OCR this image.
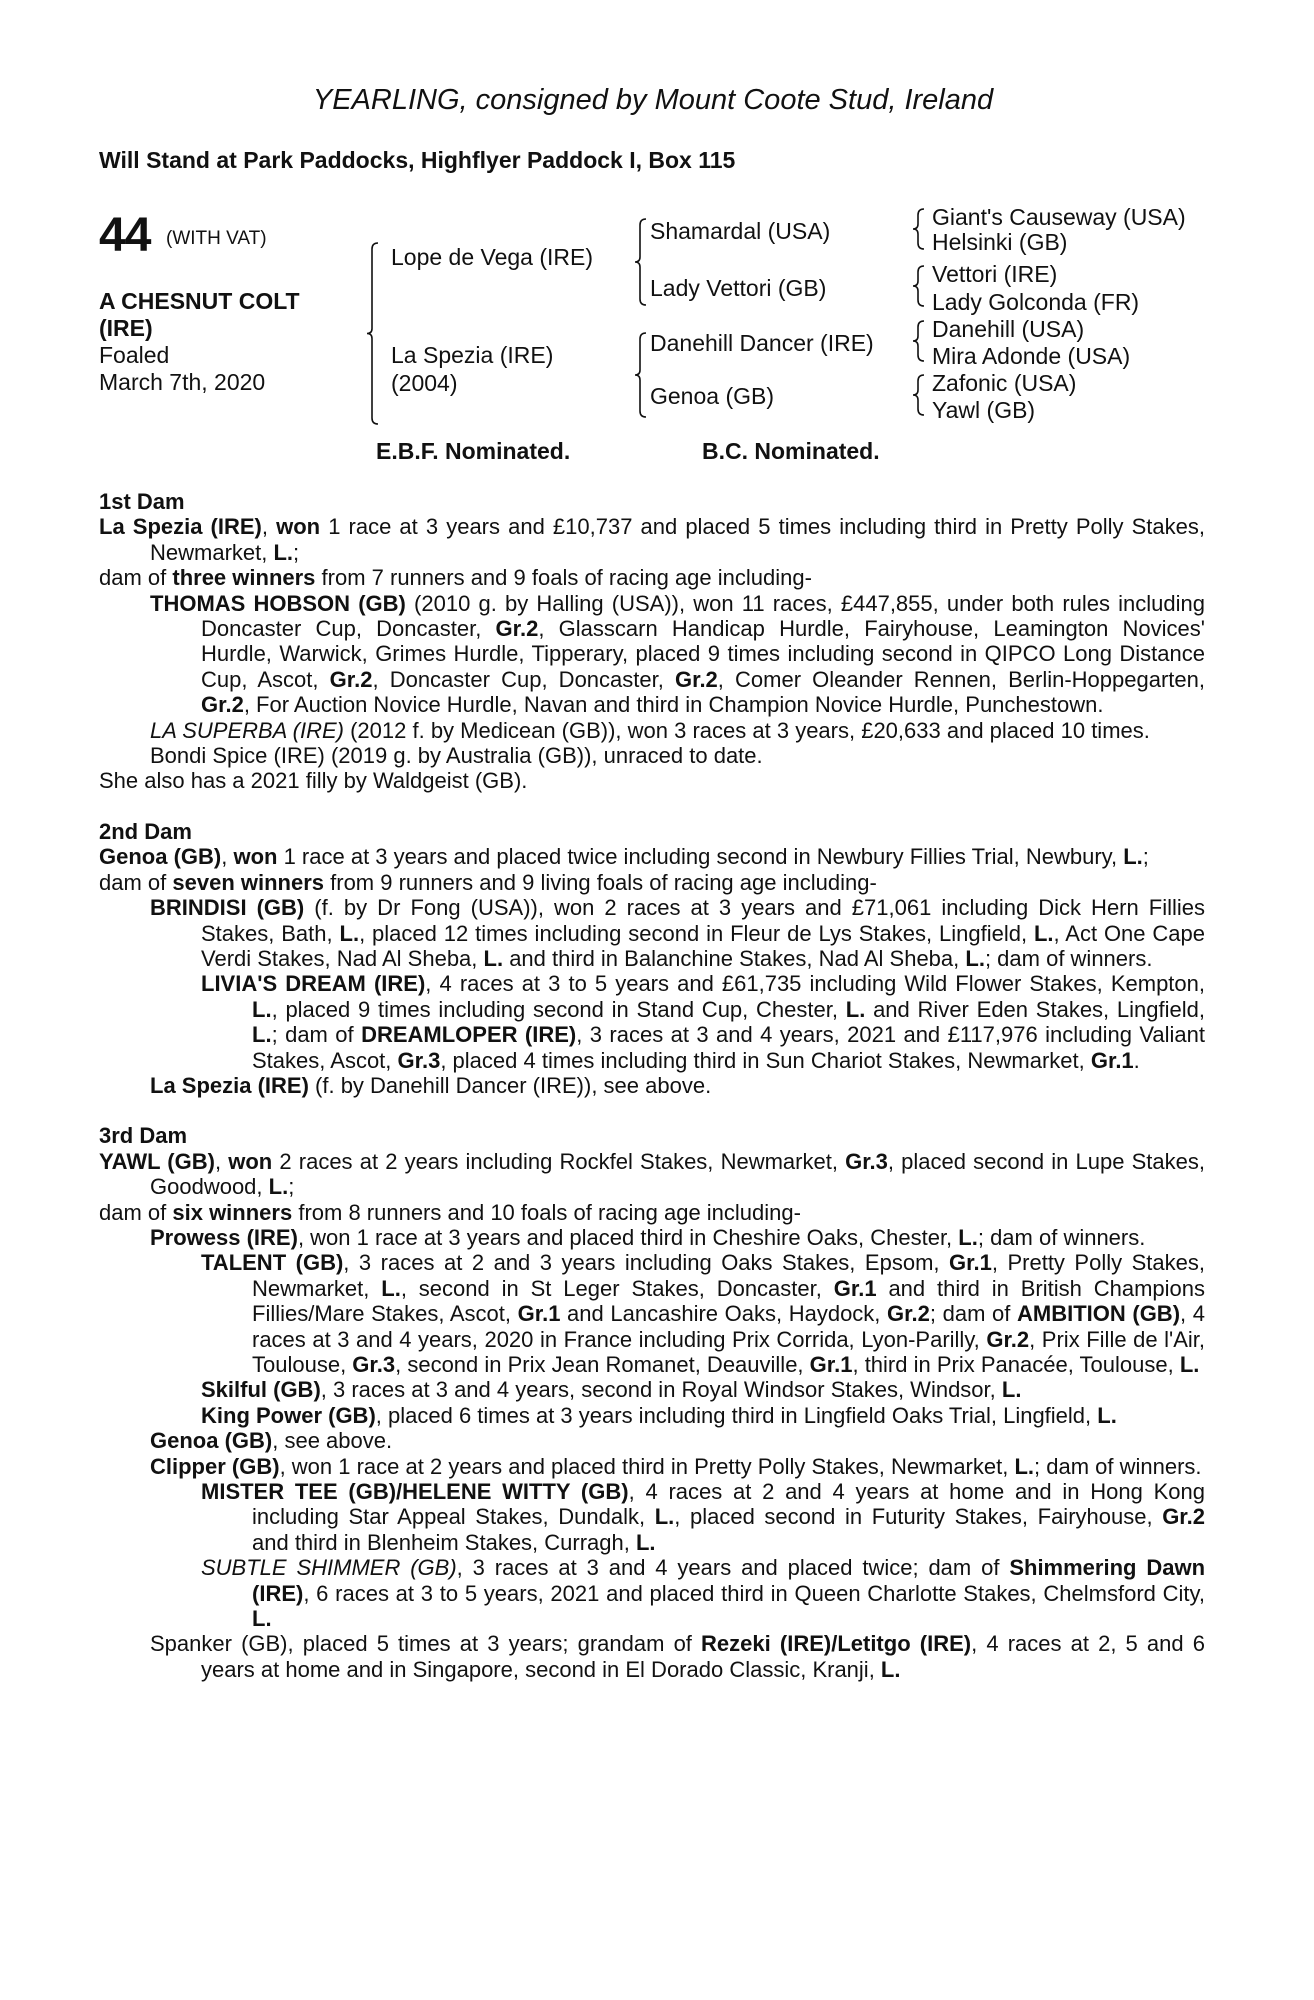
YEARLING, consigned by Mount Coote Stud, Ireland
Will Stand at Park Paddocks, Highflyer Paddock I, Box 115
44 (WITH VAT)
A CHESNUT COLT
(IRE)
Foaled
March 7th, 2020
Lope de Vega (IRE)
La Spezia (IRE)
(2004)
Shamardal (USA)
Lady Vettori (GB)
Danehill Dancer (IRE)
Genoa (GB)
Giant's Causeway (USA)
Helsinki (GB)
Vettori (IRE)
Lady Golconda (FR)
Danehill (USA)
Mira Adonde (USA)
Zafonic (USA)
Yawl (GB)
E.B.F. Nominated.	B.C. Nominated.
1st Dam
La Spezia (IRE), won 1 race at 3 years and £10,737 and placed 5 times including third in Pretty Polly Stakes, Newmarket, L.;
dam of three winners from 7 runners and 9 foals of racing age including-
THOMAS HOBSON (GB) (2010 g. by Halling (USA)), won 11 races, £447,855, under both rules including Doncaster Cup, Doncaster, Gr.2, Glasscarn Handicap Hurdle, Fairyhouse, Leamington Novices' Hurdle, Warwick, Grimes Hurdle, Tipperary, placed 9 times including second in QIPCO Long Distance Cup, Ascot, Gr.2, Doncaster Cup, Doncaster, Gr.2, Comer Oleander Rennen, Berlin-Hoppegarten, Gr.2, For Auction Novice Hurdle, Navan and third in Champion Novice Hurdle, Punchestown.
LA SUPERBA (IRE) (2012 f. by Medicean (GB)), won 3 races at 3 years, £20,633 and placed 10 times.
Bondi Spice (IRE) (2019 g. by Australia (GB)), unraced to date.
She also has a 2021 filly by Waldgeist (GB).
2nd Dam
Genoa (GB), won 1 race at 3 years and placed twice including second in Newbury Fillies Trial, Newbury, L.;
dam of seven winners from 9 runners and 9 living foals of racing age including-
BRINDISI (GB) (f. by Dr Fong (USA)), won 2 races at 3 years and £71,061 including Dick Hern Fillies Stakes, Bath, L., placed 12 times including second in Fleur de Lys Stakes, Lingfield, L., Act One Cape Verdi Stakes, Nad Al Sheba, L. and third in Balanchine Stakes, Nad Al Sheba, L.; dam of winners.
LIVIA'S DREAM (IRE), 4 races at 3 to 5 years and £61,735 including Wild Flower Stakes, Kempton, L., placed 9 times including second in Stand Cup, Chester, L. and River Eden Stakes, Lingfield, L.; dam of DREAMLOPER (IRE), 3 races at 3 and 4 years, 2021 and £117,976 including Valiant Stakes, Ascot, Gr.3, placed 4 times including third in Sun Chariot Stakes, Newmarket, Gr.1.
La Spezia (IRE) (f. by Danehill Dancer (IRE)), see above.
3rd Dam
YAWL (GB), won 2 races at 2 years including Rockfel Stakes, Newmarket, Gr.3, placed second in Lupe Stakes, Goodwood, L.;
dam of six winners from 8 runners and 10 foals of racing age including-
Prowess (IRE), won 1 race at 3 years and placed third in Cheshire Oaks, Chester, L.; dam of winners.
TALENT (GB), 3 races at 2 and 3 years including Oaks Stakes, Epsom, Gr.1, Pretty Polly Stakes, Newmarket, L., second in St Leger Stakes, Doncaster, Gr.1 and third in British Champions Fillies/Mare Stakes, Ascot, Gr.1 and Lancashire Oaks, Haydock, Gr.2; dam of AMBITION (GB), 4 races at 3 and 4 years, 2020 in France including Prix Corrida, Lyon-Parilly, Gr.2, Prix Fille de l'Air, Toulouse, Gr.3, second in Prix Jean Romanet, Deauville, Gr.1, third in Prix Panacée, Toulouse, L.
Skilful (GB), 3 races at 3 and 4 years, second in Royal Windsor Stakes, Windsor, L.
King Power (GB), placed 6 times at 3 years including third in Lingfield Oaks Trial, Lingfield, L.
Genoa (GB), see above.
Clipper (GB), won 1 race at 2 years and placed third in Pretty Polly Stakes, Newmarket, L.; dam of winners.
MISTER TEE (GB)/HELENE WITTY (GB), 4 races at 2 and 4 years at home and in Hong Kong including Star Appeal Stakes, Dundalk, L., placed second in Futurity Stakes, Fairyhouse, Gr.2 and third in Blenheim Stakes, Curragh, L.
SUBTLE SHIMMER (GB), 3 races at 3 and 4 years and placed twice; dam of Shimmering Dawn (IRE), 6 races at 3 to 5 years, 2021 and placed third in Queen Charlotte Stakes, Chelmsford City, L.
Spanker (GB), placed 5 times at 3 years; grandam of Rezeki (IRE)/Letitgo (IRE), 4 races at 2, 5 and 6 years at home and in Singapore, second in El Dorado Classic, Kranji, L.
